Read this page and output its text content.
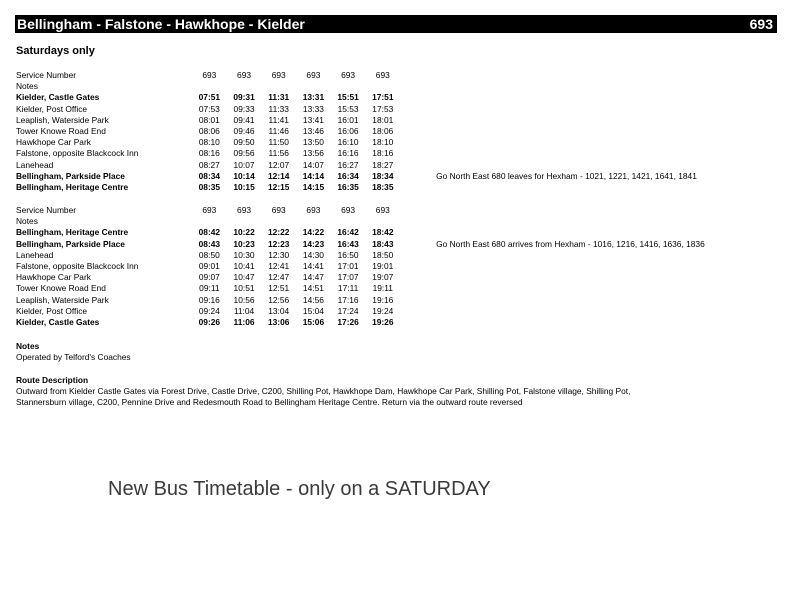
Bellingham - Falstone - Hawkhope - Kielder	693
Saturdays only
Service Number	693	693	693	693	693	693		
Notes								
Kielder, Castle Gates	07:51	09:31	11:31	13:31	15:51	17:51		
Kielder, Post Office	07:53	09:33	11:33	13:33	15:53	17:53		
Leaplish, Waterside Park	08:01	09:41	11:41	13:41	16:01	18:01		
Tower Knowe Road End	08:06	09:46	11:46	13:46	16:06	18:06		
Hawkhope Car Park	08:10	09:50	11:50	13:50	16:10	18:10		
Falstone, opposite Blackcock Inn	08:16	09:56	11:56	13:56	16:16	18:16		
Lanehead	08:27	10:07	12:07	14:07	16:27	18:27		
Bellingham, Parkside Place	08:34	10:14	12:14	14:14	16:34	18:34		Go North East 680 leaves for Hexham - 1021, 1221, 1421, 1641, 1841
Bellingham, Heritage Centre	08:35	10:15	12:15	14:15	16:35	18:35		
Service Number	693	693	693	693	693	693		
Notes								
Bellingham, Heritage Centre	08:42	10:22	12:22	14:22	16:42	18:42		
Bellingham, Parkside Place	08:43	10:23	12:23	14:23	16:43	18:43		Go North East 680 arrives from Hexham - 1016, 1216, 1416, 1636, 1836
Lanehead	08:50	10:30	12:30	14:30	16:50	18:50		
Falstone, opposite Blackcock Inn	09:01	10:41	12:41	14:41	17:01	19:01		
Hawkhope Car Park	09:07	10:47	12:47	14:47	17:07	19:07		
Tower Knowe Road End	09:11	10:51	12:51	14:51	17:11	19:11		
Leaplish, Waterside Park	09:16	10:56	12:56	14:56	17:16	19:16		
Kielder, Post Office	09:24	11:04	13:04	15:04	17:24	19:24		
Kielder, Castle Gates	09:26	11:06	13:06	15:06	17:26	19:26		
Notes
Operated by Telford's Coaches
Route Description
Outward from Kielder Castle Gates via Forest Drive, Castle Drive, C200, Shilling Pot, Hawkhope Dam, Hawkhope Car Park, Shilling Pot, Falstone village, Shilling Pot,
Stannersburn village, C200, Pennine Drive and Redesmouth Road to Bellingham Heritage Centre. Return via the outward route reversed
New Bus Timetable - only on a SATURDAY
